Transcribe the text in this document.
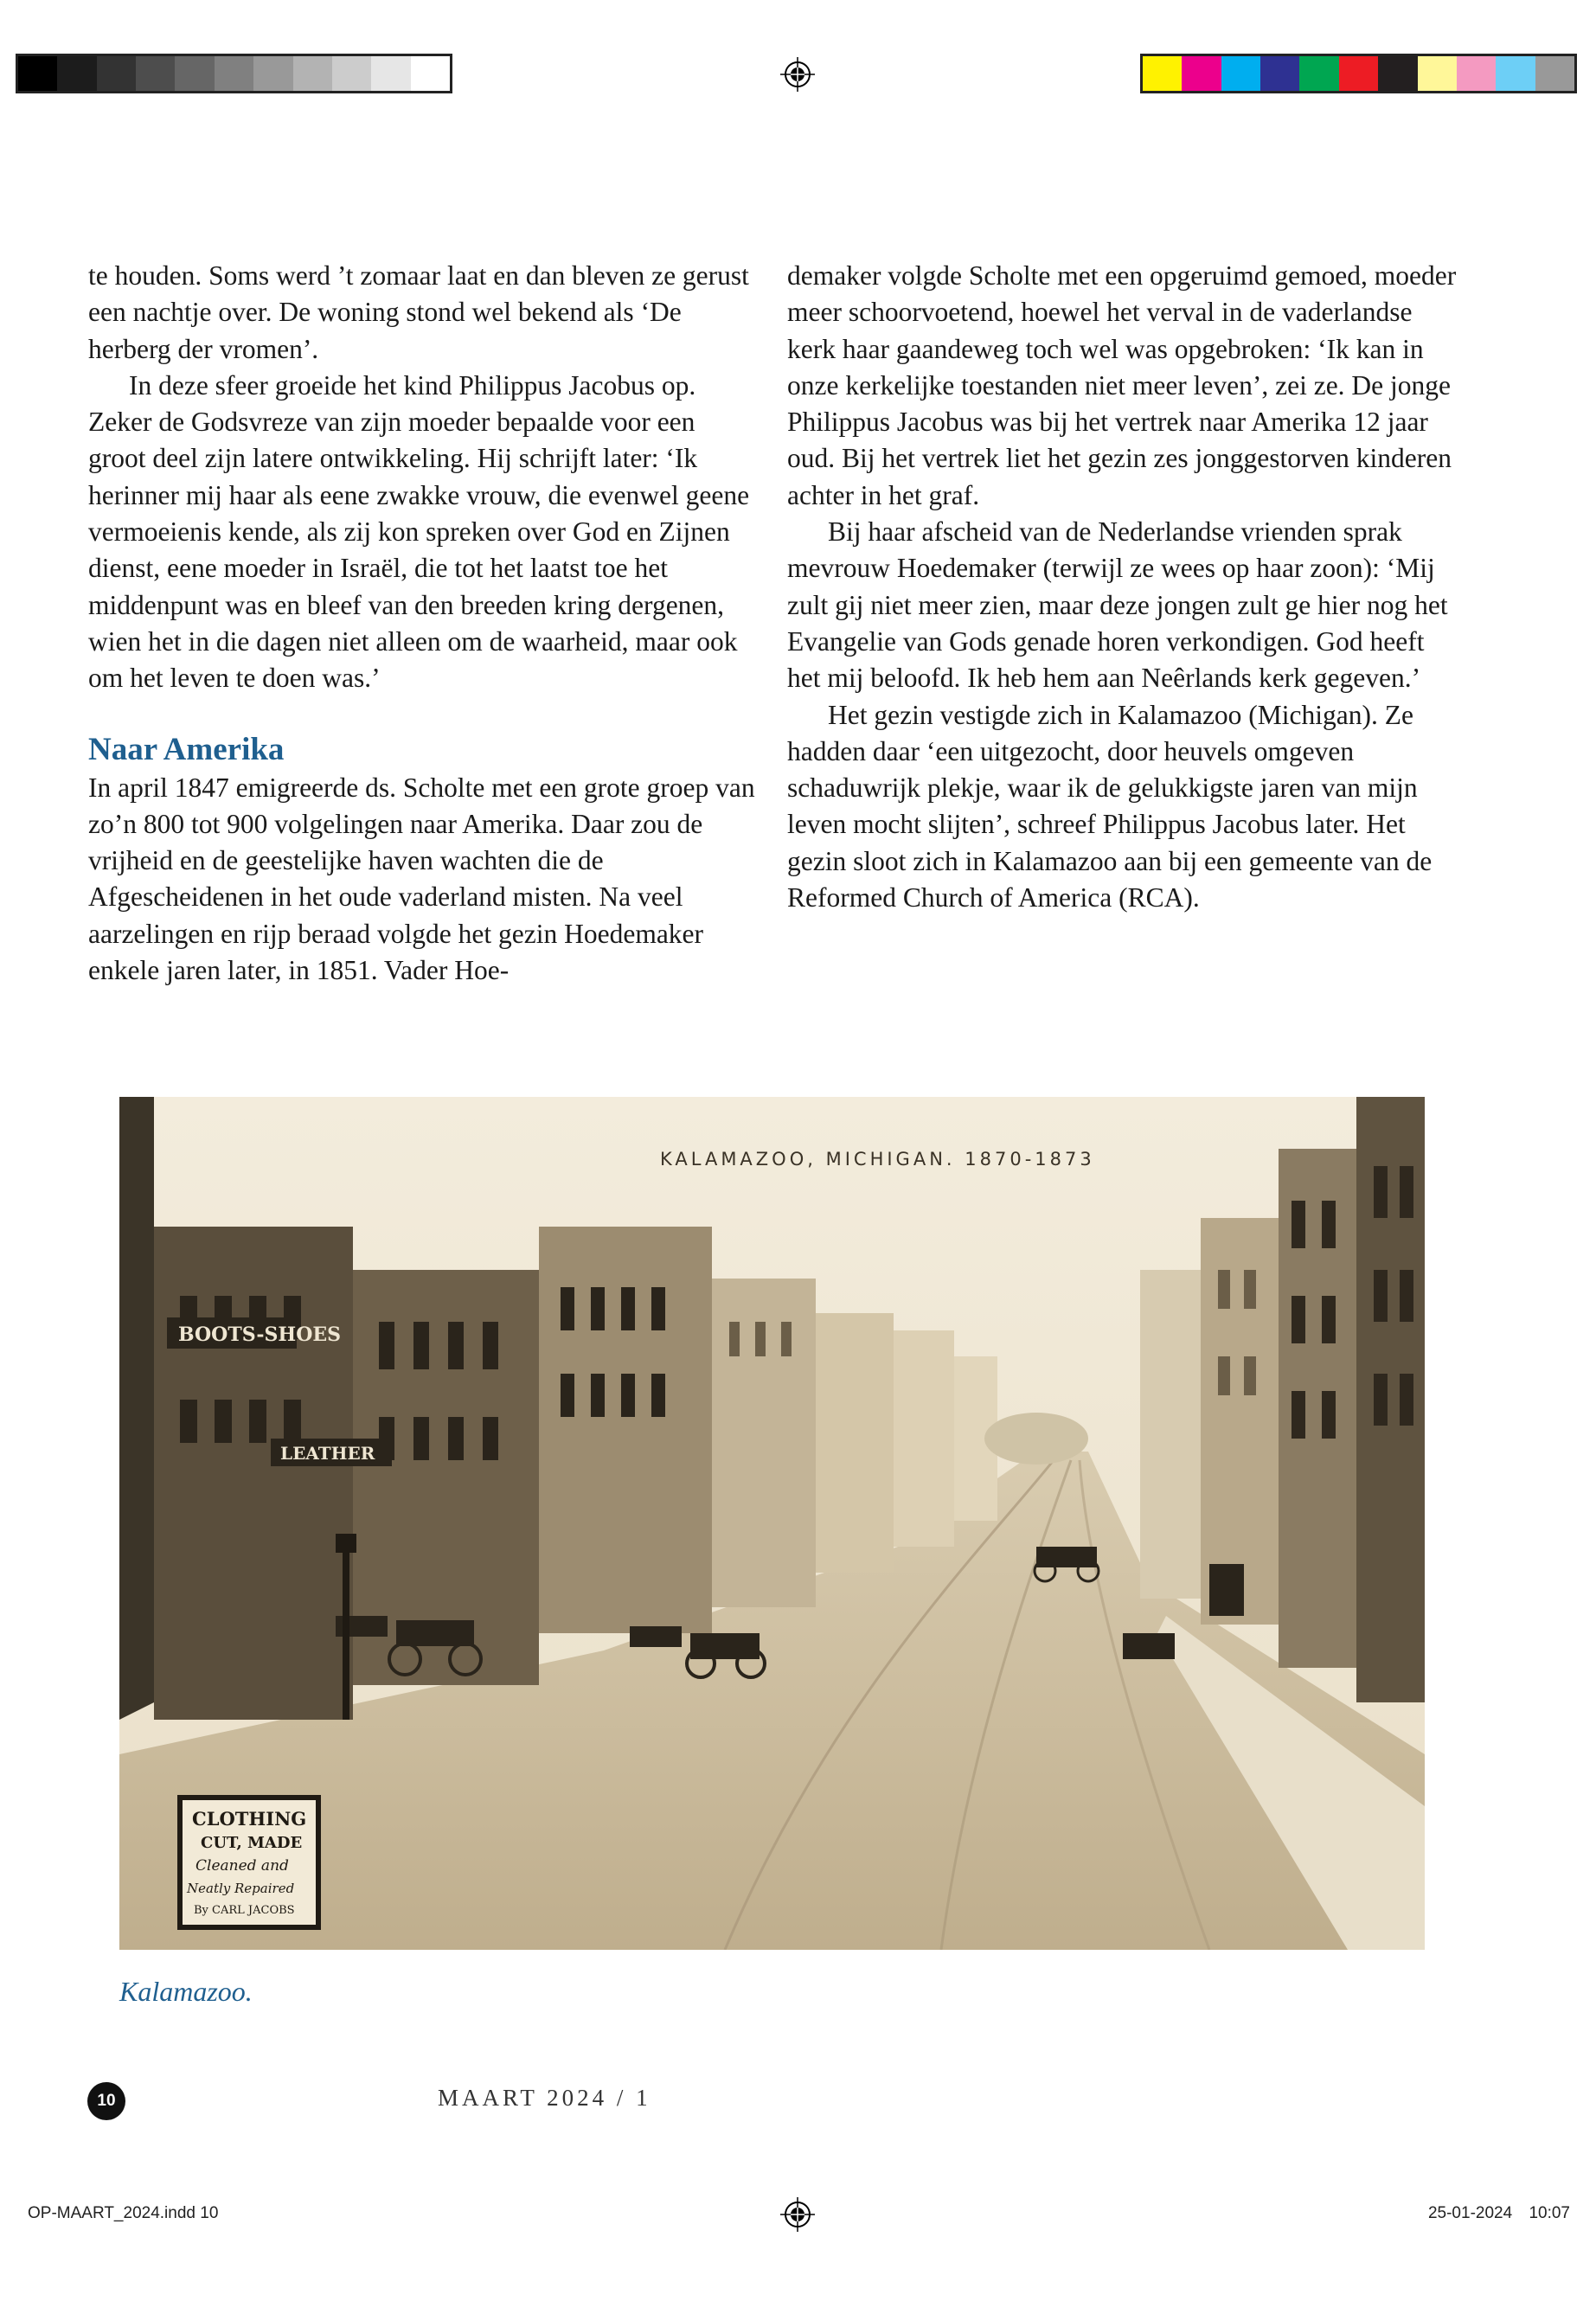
te houden. Soms werd ’t zomaar laat en dan bleven ze gerust een nachtje over. De woning stond wel bekend als ‘De herberg der vromen’.

In deze sfeer groeide het kind Philippus Jacobus op. Zeker de Godsvreze van zijn moeder bepaalde voor een groot deel zijn latere ontwikkeling. Hij schrijft later: ‘Ik herinner mij haar als eene zwakke vrouw, die evenwel geene vermoeienis kende, als zij kon spreken over God en Zijnen dienst, eene moeder in Israël, die tot het laatst toe het middenpunt was en bleef van den breeden kring dergenen, wien het in die dagen niet alleen om de waarheid, maar ook om het leven te doen was.’

Naar Amerika

In april 1847 emigreerde ds. Scholte met een grote groep van zo’n 800 tot 900 volgelingen naar Amerika. Daar zou de vrijheid en de geestelijke haven wachten die de Afgescheidenen in het oude vaderland misten. Na veel aarzelingen en rijp beraad volgde het gezin Hoedemaker enkele jaren later, in 1851. Vader Hoe-

demaker volgde Scholte met een opgeruimd gemoed, moeder meer schoorvoetend, hoewel het verval in de vaderlandse kerk haar gaandeweg toch wel was opgebroken: ‘Ik kan in onze kerkelijke toestanden niet meer leven’, zei ze. De jonge Philippus Jacobus was bij het vertrek naar Amerika 12 jaar oud. Bij het vertrek liet het gezin zes jonggestorven kinderen achter in het graf.

Bij haar afscheid van de Nederlandse vrienden sprak mevrouw Hoedemaker (terwijl ze wees op haar zoon): ‘Mij zult gij niet meer zien, maar deze jongen zult ge hier nog het Evangelie van Gods genade horen verkondigen. God heeft het mij beloofd. Ik heb hem aan Neêrlands kerk gegeven.’

Het gezin vestigde zich in Kalamazoo (Michigan). Ze hadden daar ‘een uitgezocht, door heuvels omgeven schaduwrijk plekje, waar ik de gelukkigste jaren van mijn leven mocht slijten’, schreef Philippus Jacobus later. Het gezin sloot zich in Kalamazoo aan bij een gemeente van de Reformed Church of America (RCA).

BOOTS-SHOES
LEATHER
CLOTHING
CUT, MADE
Cleaned and
Neatly Repaired
By CARL JACOBS
KALAMAZOO, MICHIGAN. 1870-1873
Kalamazoo.
10	MAART 2024 / 1
OP-MAART_2024.indd 10	25-01-2024 10:07
